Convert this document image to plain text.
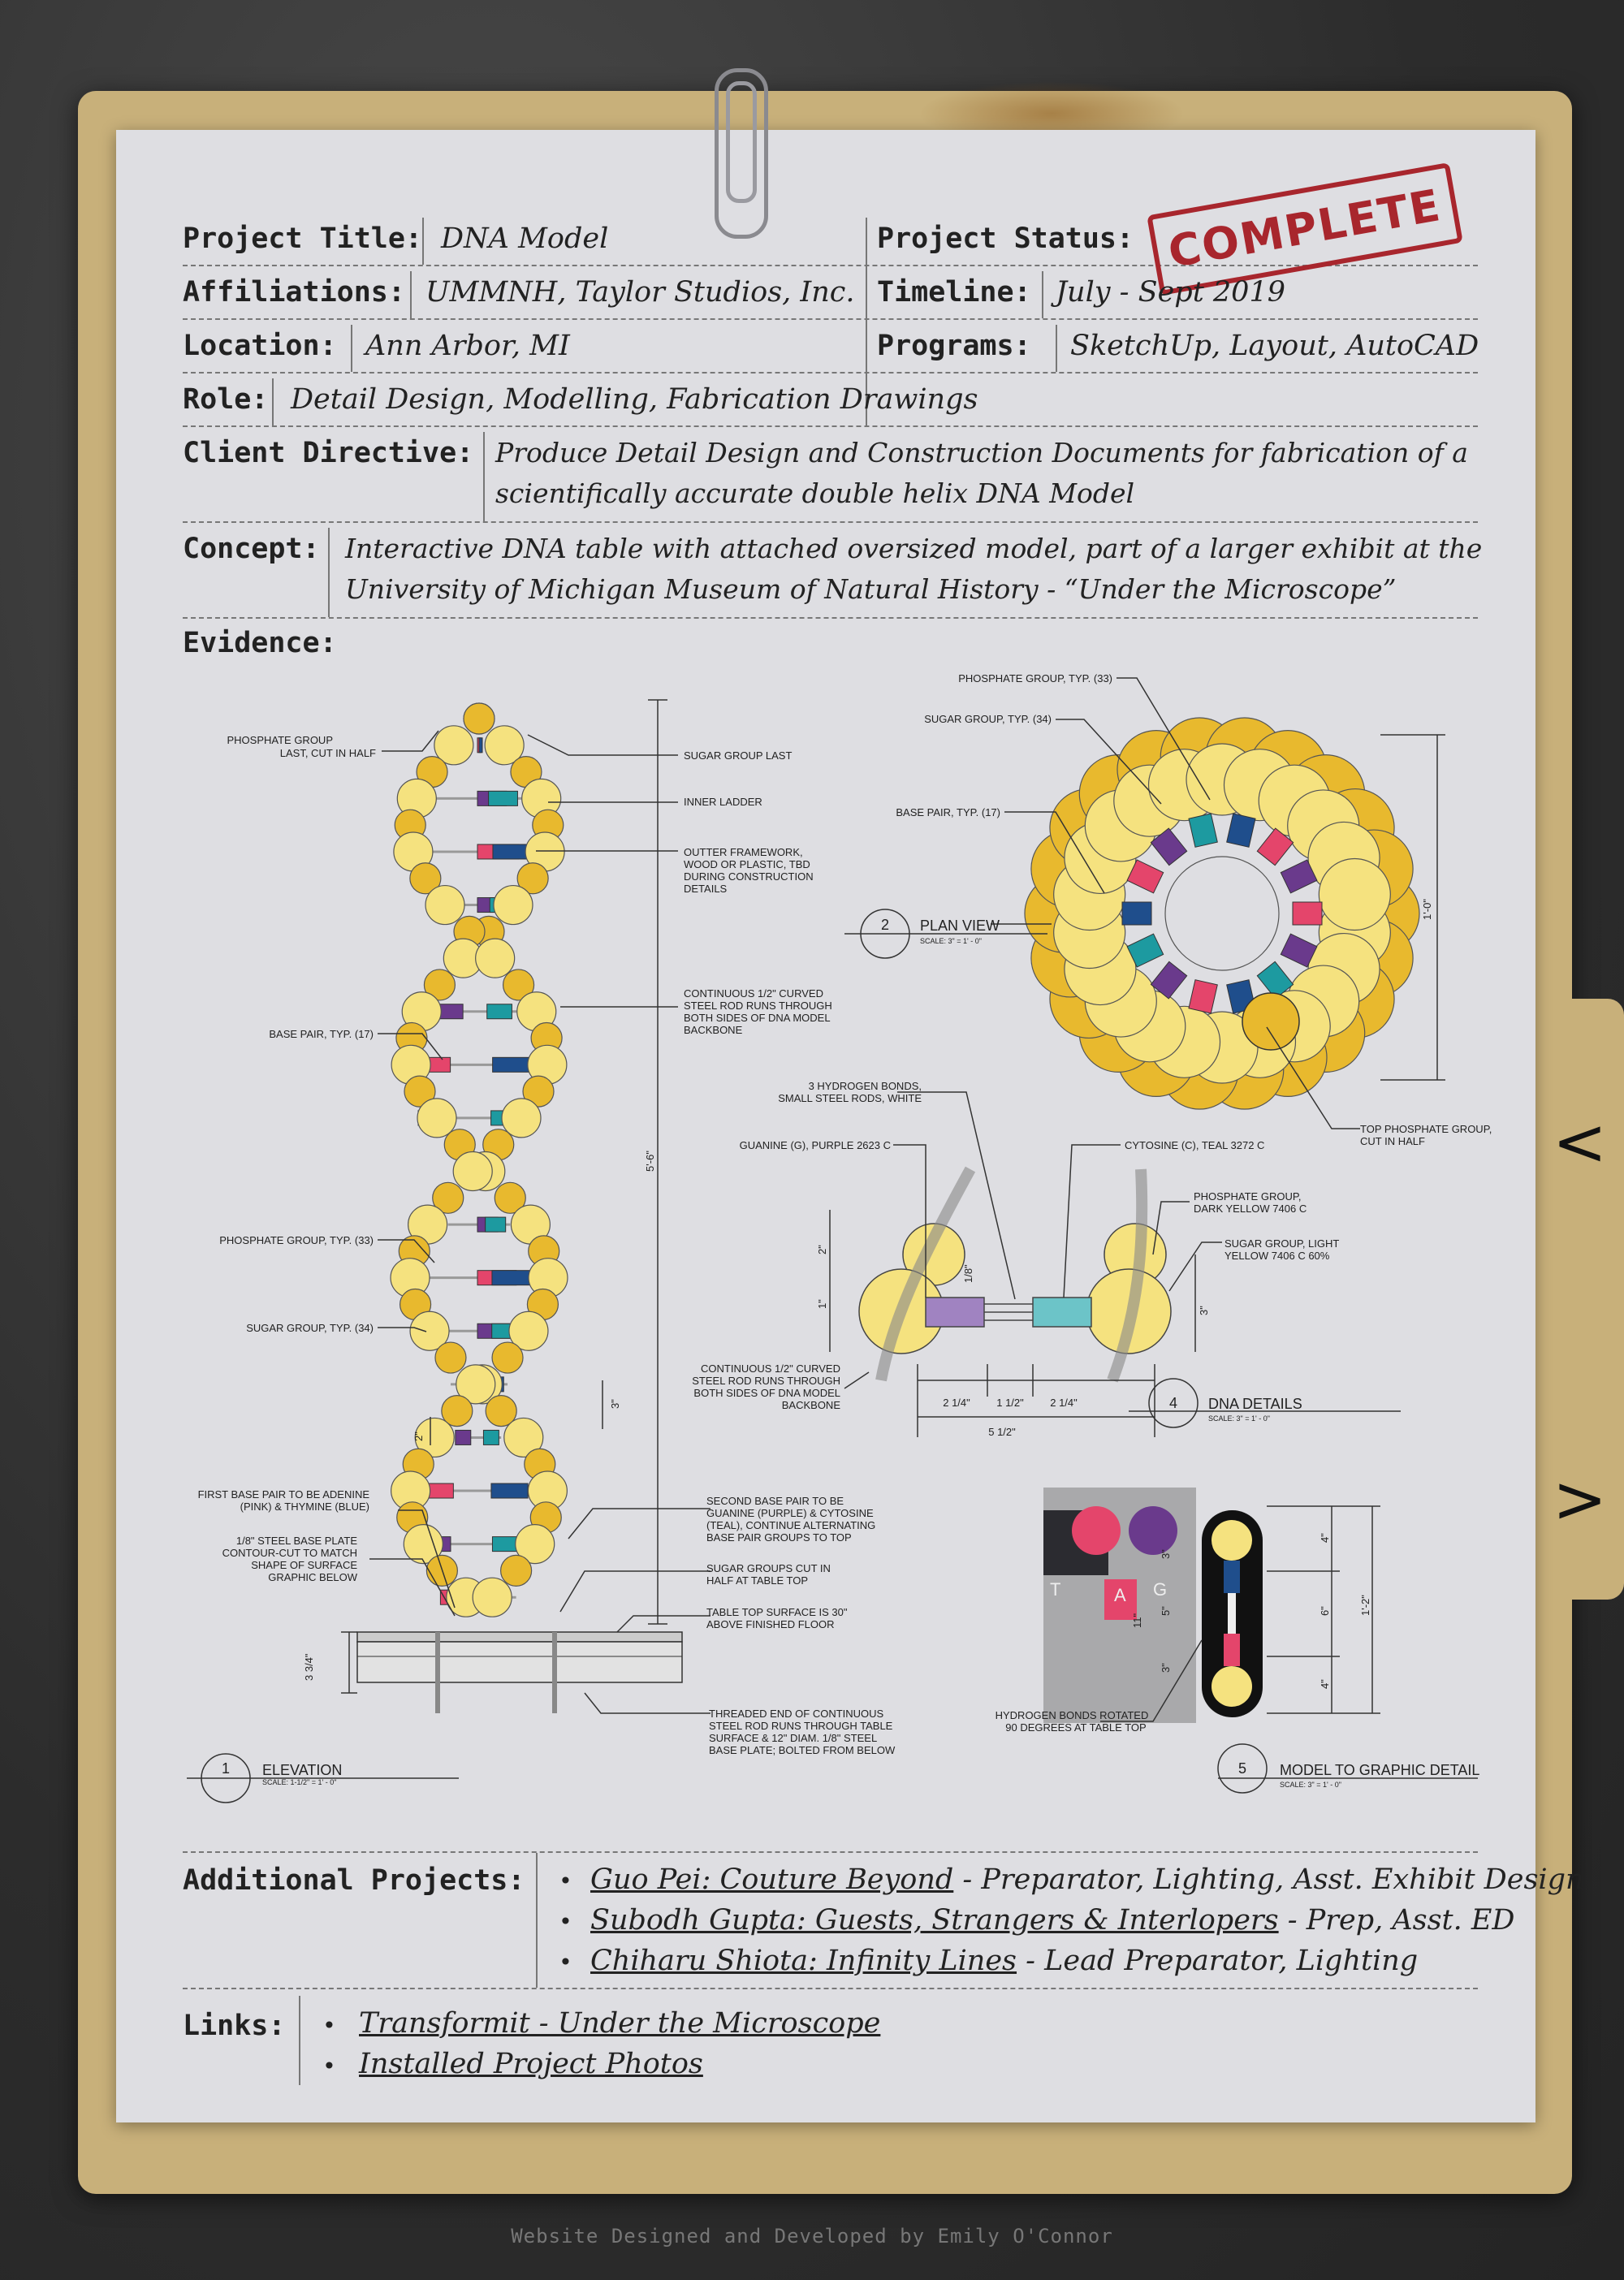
Project Title: DNA Model	Project Status: COMPLETE
Affiliations: UMMNH, Taylor Studios, Inc. Timeline: July - Sept 2019
Location: Ann Arbor, MI	Programs: SketchUp, Layout, AutoCAD
Role: Detail Design, Modelling, Fabrication Drawings
Client Directive: Produce Detail Design and Construction Documents for fabrication of a
scientifically accurate double helix DNA Model
Concept: Interactive DNA table with attached oversized model, part of a larger exhibit at the
University of Michigan Museum of Natural History - “Under the Microscope”
Evidence:
PHOSPHATE GROUP
LAST, CUT IN HALF	SUGAR GROUP LAST
INNER LADDER
OUTTER FRAMEWORK,
WOOD OR PLASTIC, TBD
DURING CONSTRUCTION
DETAILS
CONTINUOUS 1/2" CURVED
STEEL ROD RUNS THROUGH
BOTH SIDES OF DNA MODEL
BACKBONE
BASE PAIR, TYP. (17)
PHOSPHATE GROUP, TYP. (33)
SUGAR GROUP, TYP. (34)
5'-6"
3"
2"
FIRST BASE PAIR TO BE ADENINE
(PINK) & THYMINE (BLUE)
1/8" STEEL BASE PLATE
CONTOUR-CUT TO MATCH
SHAPE OF SURFACE
GRAPHIC BELOW
SECOND BASE PAIR TO BE
GUANINE (PURPLE) & CYTOSINE
(TEAL), CONTINUE ALTERNATING
BASE PAIR GROUPS TO TOP
SUGAR GROUPS CUT IN
HALF AT TABLE TOP
TABLE TOP SURFACE IS 30"
ABOVE FINISHED FLOOR
THREADED END OF CONTINUOUS
STEEL ROD RUNS THROUGH TABLE
SURFACE & 12" DIAM. 1/8" STEEL
BASE PLATE; BOLTED FROM BELOW
3 3/4"
1 ELEVATION
SCALE: 1-1/2" = 1' - 0"
PHOSPHATE GROUP, TYP. (33)
SUGAR GROUP, TYP. (34)
BASE PAIR, TYP. (17)
2 PLAN VIEW
SCALE: 3" = 1' - 0"
1'-0"
TOP PHOSPHATE GROUP,
CUT IN HALF
3 HYDROGEN BONDS,
SMALL STEEL RODS, WHITE
GUANINE (G), PURPLE 2623 C	CYTOSINE (C), TEAL 3272 C
PHOSPHATE GROUP,
DARK YELLOW 7406 C
SUGAR GROUP, LIGHT
YELLOW 7406 C 60%
CONTINUOUS 1/2" CURVED
STEEL ROD RUNS THROUGH
BOTH SIDES OF DNA MODEL
BACKBONE
2"
1"
1/8"
3"
2 1/4" 1 1/2" 2 1/4"
5 1/2"
4 DNA DETAILS
SCALE: 3" = 1' - 0"
T	A G
3"
5"
11"
3"
4"
6"
4"
1'-2"
HYDROGEN BONDS ROTATED
90 DEGREES AT TABLE TOP
5 MODEL TO GRAPHIC DETAIL
SCALE: 3" = 1' - 0"
Additional Projects: • Guo Pei: Couture Beyond - Preparator, Lighting, Asst. Exhibit Design
• Subodh Gupta: Guests, Strangers & Interlopers - Prep, Asst. ED
• Chiharu Shiota: Infinity Lines - Lead Preparator, Lighting
Links: • Transformit - Under the Microscope
• Installed Project Photos
<
>
Website Designed and Developed by Emily O'Connor
